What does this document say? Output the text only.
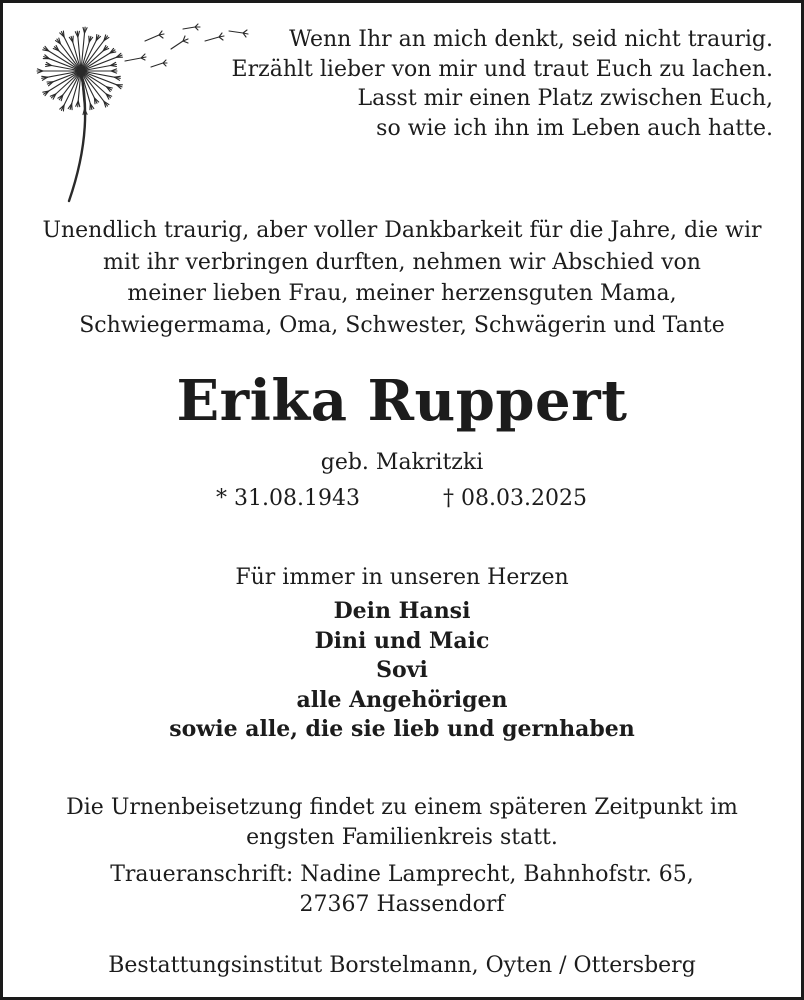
Wenn Ihr an mich denkt, seid nicht traurig.
Erzählt lieber von mir und traut Euch zu lachen.
Lasst mir einen Platz zwischen Euch,
so wie ich ihn im Leben auch hatte.
Unendlich traurig, aber voller Dankbarkeit für die Jahre, die wir
mit ihr verbringen durften, nehmen wir Abschied von
meiner lieben Frau, meiner herzensguten Mama,
Schwiegermama, Oma, Schwester, Schwägerin und Tante
Erika Ruppert
geb. Makritzki
* 31.08.1943	† 08.03.2025
Für immer in unseren Herzen
Dein Hansi
Dini und Maic
Sovi
alle Angehörigen
sowie alle, die sie lieb und gernhaben
Die Urnenbeisetzung findet zu einem späteren Zeitpunkt im
engsten Familienkreis statt.
Traueranschrift: Nadine Lamprecht, Bahnhofstr. 65,
27367 Hassendorf
Bestattungsinstitut Borstelmann, Oyten / Ottersberg
